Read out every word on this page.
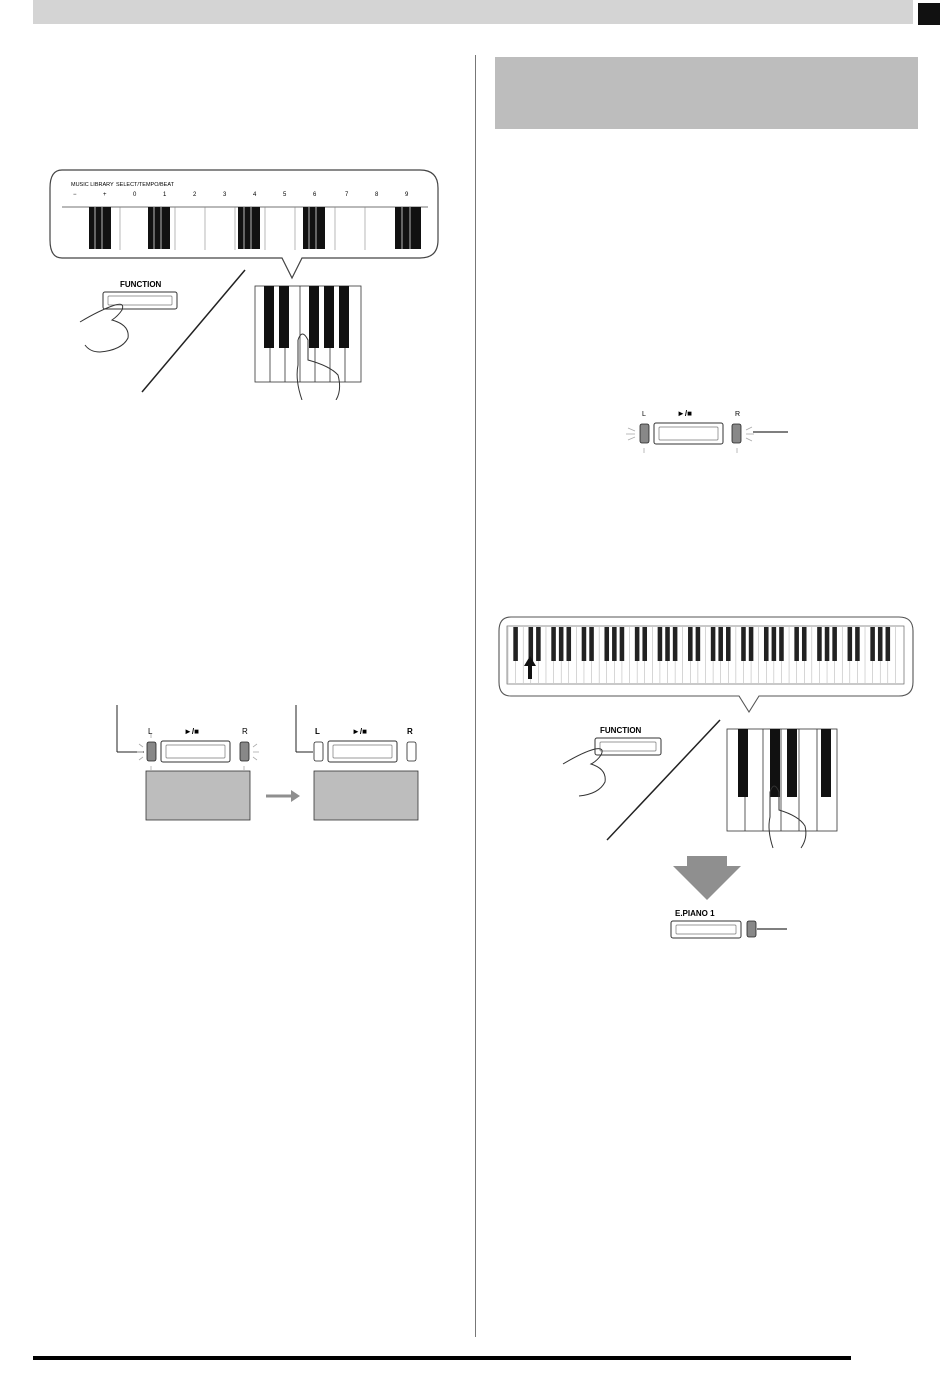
MUSIC LIBRARY SELECT/TEMPO/BEAT
−	+	0	1	2	3	4	5	6	7	8	9
FUNCTION
L	►/■	R	L	►/■	R
L	►/■	R
FUNCTION
E.PIANO 1
